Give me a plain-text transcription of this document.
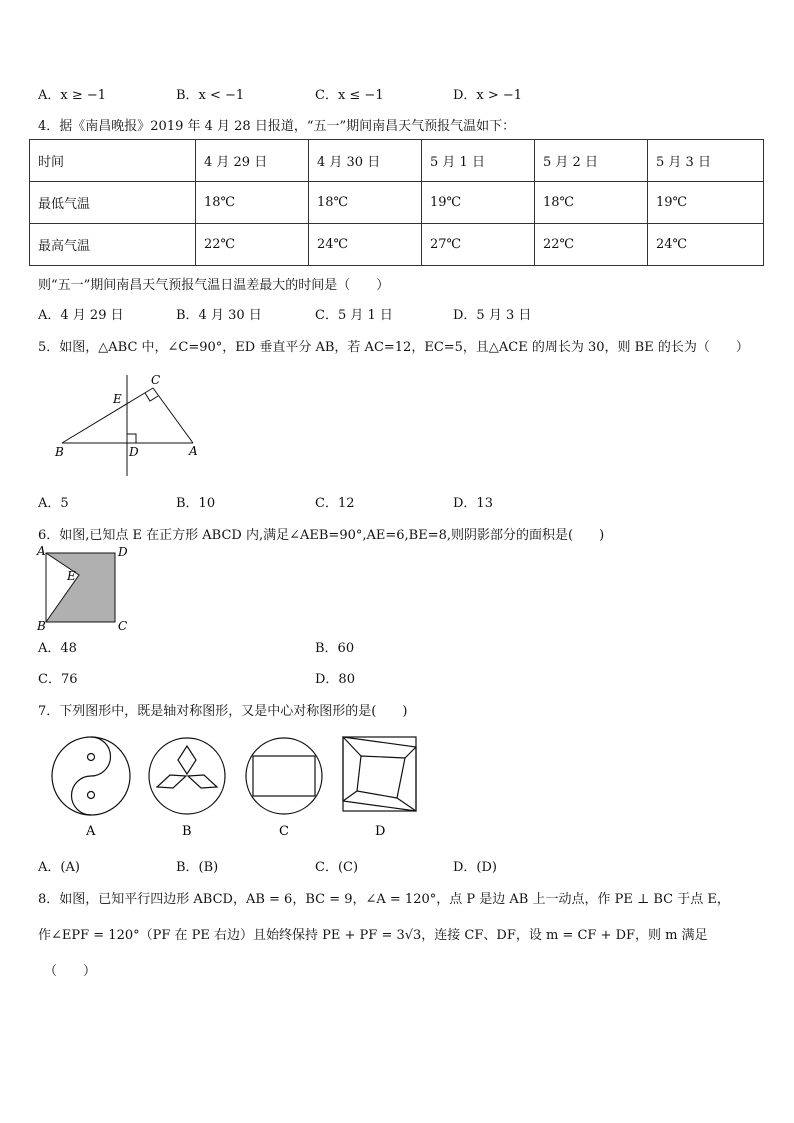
A．x ≥ −1	B．x < −1	C．x ≤ −1	D．x > −1
4．据《南昌晚报》2019 年 4 月 28 日报道，“五一”期间南昌天气预报气温如下：
时间	4 月 29 日	4 月 30 日	5 月 1 日	5 月 2 日	5 月 3 日
最低气温	18℃	18℃	19℃	18℃	19℃
最高气温	22℃	24℃	27℃	22℃	24℃
则“五一”期间南昌天气预报气温日温差最大的时间是（　　）
A．4 月 29 日	B．4 月 30 日	C．5 月 1 日	D．5 月 3 日
5．如图，△ABC 中，∠C=90°，ED 垂直平分 AB，若 AC=12，EC=5，且△ACE 的周长为 30，则 BE 的长为（　　）
C
E
B	D	A
A．5	B．10	C．12	D．13
6．如图,已知点 E 在正方形 ABCD 内,满足∠AEB=90°,AE=6,BE=8,则阴影部分的面积是(　　)
A	D
E
B	C
A．48	B．60
C．76	D．80
7．下列图形中，既是轴对称图形，又是中心对称图形的是(　　)
A	B	C	D
A．(A)	B．(B)	C．(C)	D．(D)
8．如图，已知平行四边形 ABCD，AB = 6，BC = 9，∠A = 120°，点 P 是边 AB 上一动点，作 PE ⊥ BC 于点 E，
作∠EPF = 120°（PF 在 PE 右边）且始终保持 PE + PF = 3√3，连接 CF、DF，设 m = CF + DF，则 m 满足
（　　）
